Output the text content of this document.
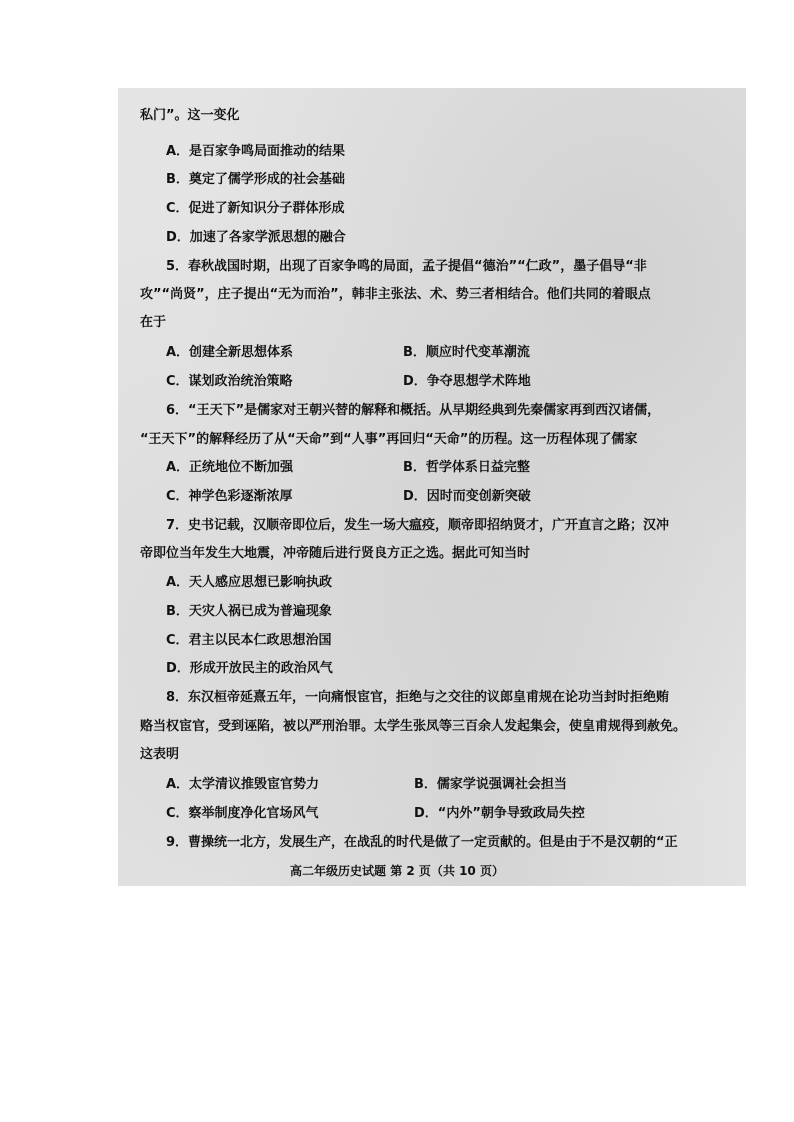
私门”。这一变化
A．是百家争鸣局面推动的结果
B．奠定了儒学形成的社会基础
C．促进了新知识分子群体形成
D．加速了各家学派思想的融合
5．春秋战国时期，出现了百家争鸣的局面，孟子提倡“德治”“仁政”，墨子倡导“非
攻”“尚贤”，庄子提出“无为而治”，韩非主张法、术、势三者相结合。他们共同的着眼点
在于
A．创建全新思想体系	B．顺应时代变革潮流
C．谋划政治统治策略	D．争夺思想学术阵地
6．“王天下”是儒家对王朝兴替的解释和概括。从早期经典到先秦儒家再到西汉诸儒，
“王天下”的解释经历了从“天命”到“人事”再回归“天命”的历程。这一历程体现了儒家
A．正统地位不断加强	B．哲学体系日益完整
C．神学色彩逐渐浓厚	D．因时而变创新突破
7．史书记载，汉顺帝即位后，发生一场大瘟疫，顺帝即招纳贤才，广开直言之路；汉冲
帝即位当年发生大地震，冲帝随后进行贤良方正之选。据此可知当时
A．天人感应思想已影响执政
B．天灾人祸已成为普遍现象
C．君主以民本仁政思想治国
D．形成开放民主的政治风气
8．东汉桓帝延熹五年，一向痛恨宦官，拒绝与之交往的议郎皇甫规在论功当封时拒绝贿
赂当权宦官，受到诬陷，被以严刑治罪。太学生张凤等三百余人发起集会，使皇甫规得到赦免。
这表明
A．太学清议推毁宦官势力	B．儒家学说强调社会担当
C．察举制度净化官场风气	D．“内外”朝争导致政局失控
9．曹操统一北方，发展生产，在战乱的时代是做了一定贡献的。但是由于不是汉朝的“正
高二年级历史试题 第 2 页（共 10 页）
